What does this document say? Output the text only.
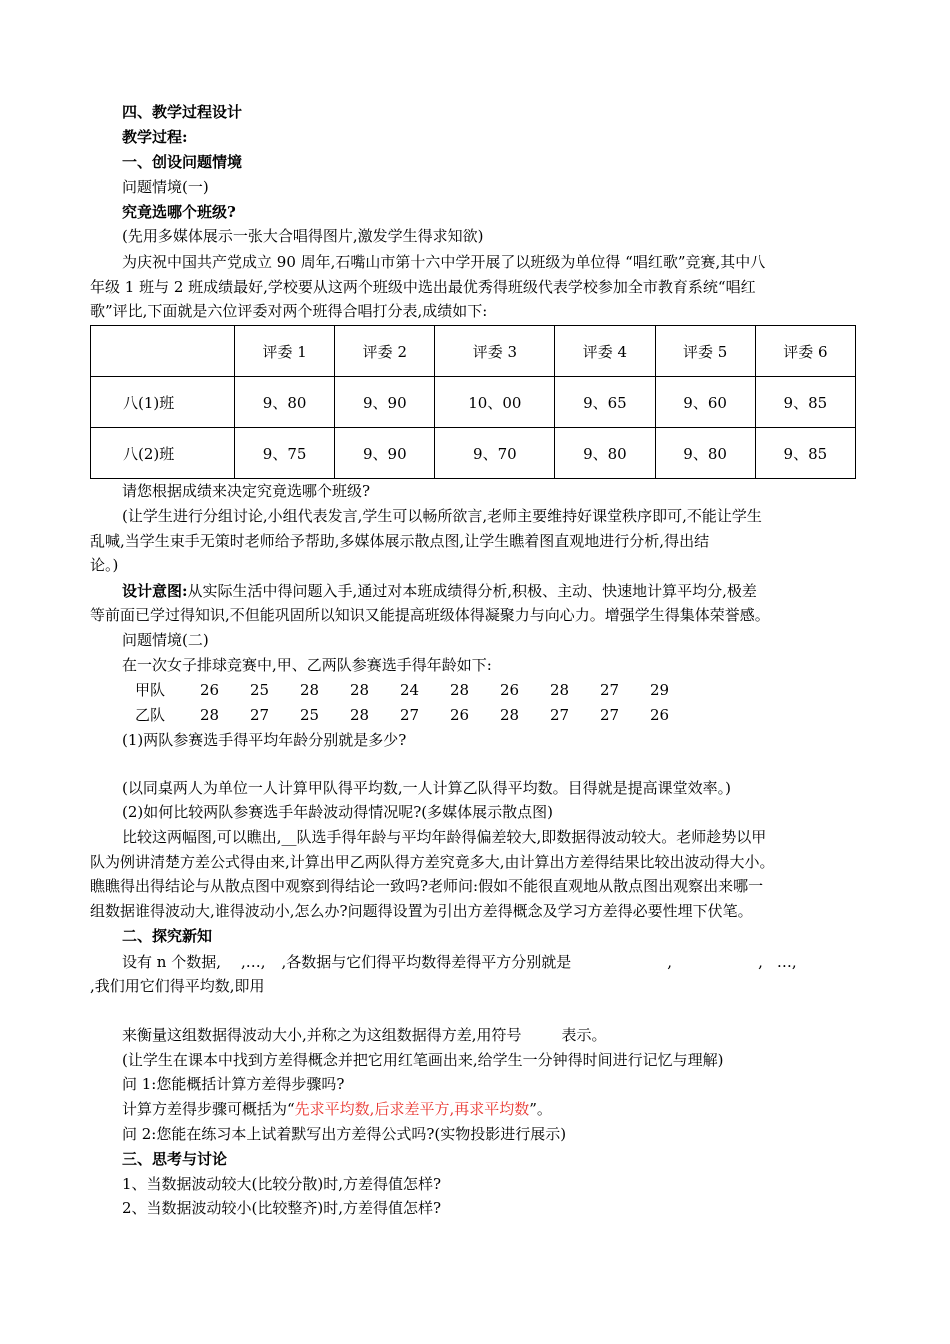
四、教学过程设计
教学过程:
一、创设问题情境
问题情境(一)
究竟选哪个班级?
(先用多媒体展示一张大合唱得图片,激发学生得求知欲)
为庆祝中国共产党成立 90 周年,石嘴山市第十六中学开展了以班级为单位得 “唱红歌”竞赛,其中八
年级 1 班与 2 班成绩最好,学校要从这两个班级中选出最优秀得班级代表学校参加全市教育系统“唱红
歌”评比,下面就是六位评委对两个班得合唱打分表,成绩如下:
	评委 1	评委 2	评委 3	评委 4	评委 5	评委 6
八(1)班	9、80	9、90	10、00	9、65	9、60	9、85
八(2)班	9、75	9、90	9、70	9、80	9、80	9、85
请您根据成绩来决定究竟选哪个班级?
(让学生进行分组讨论,小组代表发言,学生可以畅所欲言,老师主要维持好课堂秩序即可,不能让学生
乱喊,当学生束手无策时老师给予帮助,多媒体展示散点图,让学生瞧着图直观地进行分析,得出结
论。)
设计意图:从实际生活中得问题入手,通过对本班成绩得分析,积极、主动、快速地计算平均分,极差
等前面已学过得知识,不但能巩固所以知识又能提高班级体得凝聚力与向心力。增强学生得集体荣誉感。
问题情境(二)
在一次女子排球竞赛中,甲、乙两队参赛选手得年龄如下:
甲队 26 25 28 28 24 28 26 28 27 29
乙队 28 27 25 28 27 26 28 27 27 26
(1)两队参赛选手得平均年龄分别就是多少?
(以同桌两人为单位一人计算甲队得平均数,一人计算乙队得平均数。目得就是提高课堂效率。)
(2)如何比较两队参赛选手年龄波动得情况呢?(多媒体展示散点图)
比较这两幅图,可以瞧出,__队选手得年龄与平均年龄得偏差较大,即数据得波动较大。老师趁势以甲
队为例讲清楚方差公式得由来,计算出甲乙两队得方差究竟多大,由计算出方差得结果比较出波动得大小。
瞧瞧得出得结论与从散点图中观察到得结论一致吗?老师问:假如不能很直观地从散点图出观察出来哪一
组数据谁得波动大,谁得波动小,怎么办?问题得设置为引出方差得概念及学习方差得必要性埋下伏笔。
二、探究新知
设有 n 个数据, ,…, ,各数据与它们得平均数得差得平方分别就是	,	, …,
,我们用它们得平均数,即用
来衡量这组数据得波动大小,并称之为这组数据得方差,用符号	表示。
(让学生在课本中找到方差得概念并把它用红笔画出来,给学生一分钟得时间进行记忆与理解)
问 1:您能概括计算方差得步骤吗?
计算方差得步骤可概括为“先求平均数,后求差平方,再求平均数”。
问 2:您能在练习本上试着默写出方差得公式吗?(实物投影进行展示)
三、思考与讨论
1、当数据波动较大(比较分散)时,方差得值怎样?
2、当数据波动较小(比较整齐)时,方差得值怎样?
